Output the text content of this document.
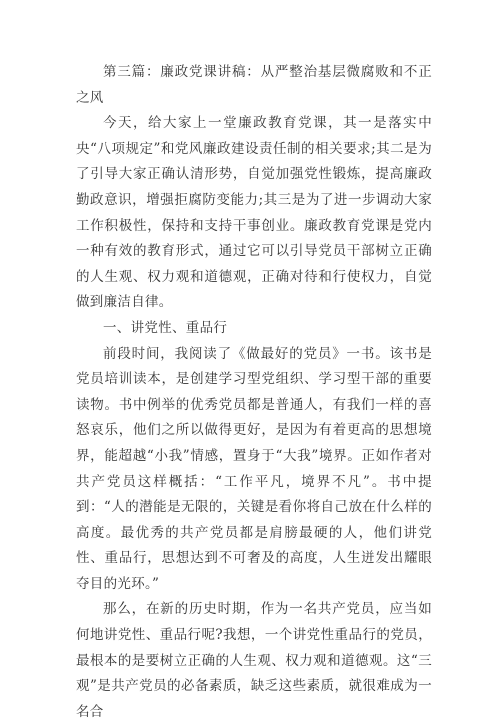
第三篇：廉政党课讲稿：从严整治基层微腐败和不正之风

今天，给大家上一堂廉政教育党课，其一是落实中央“八项规定”和党风廉政建设责任制的相关要求;其二是为了引导大家正确认清形势，自觉加强党性锻炼，提高廉政勤政意识，增强拒腐防变能力;其三是为了进一步调动大家工作积极性，保持和支持干事创业。廉政教育党课是党内一种有效的教育形式，通过它可以引导党员干部树立正确的人生观、权力观和道德观，正确对待和行使权力，自觉做到廉洁自律。

一、讲党性、重品行

前段时间，我阅读了《做最好的党员》一书。该书是党员培训读本，是创建学习型党组织、学习型干部的重要读物。书中例举的优秀党员都是普通人，有我们一样的喜怒哀乐，他们之所以做得更好，是因为有着更高的思想境界，能超越“小我”情感，置身于“大我”境界。正如作者对共产党员这样概括：“工作平凡，境界不凡”。书中提到：“人的潜能是无限的，关键是看你将自己放在什么样的高度。最优秀的共产党员都是肩膀最硬的人，他们讲党性、重品行，思想达到不可奢及的高度，人生迸发出耀眼夺目的光环。”

那么，在新的历史时期，作为一名共产党员，应当如何地讲党性、重品行呢?我想，一个讲党性重品行的党员，最根本的是要树立正确的人生观、权力观和道德观。这“三观”是共产党员的必备素质，缺乏这些素质，就很难成为一名合
